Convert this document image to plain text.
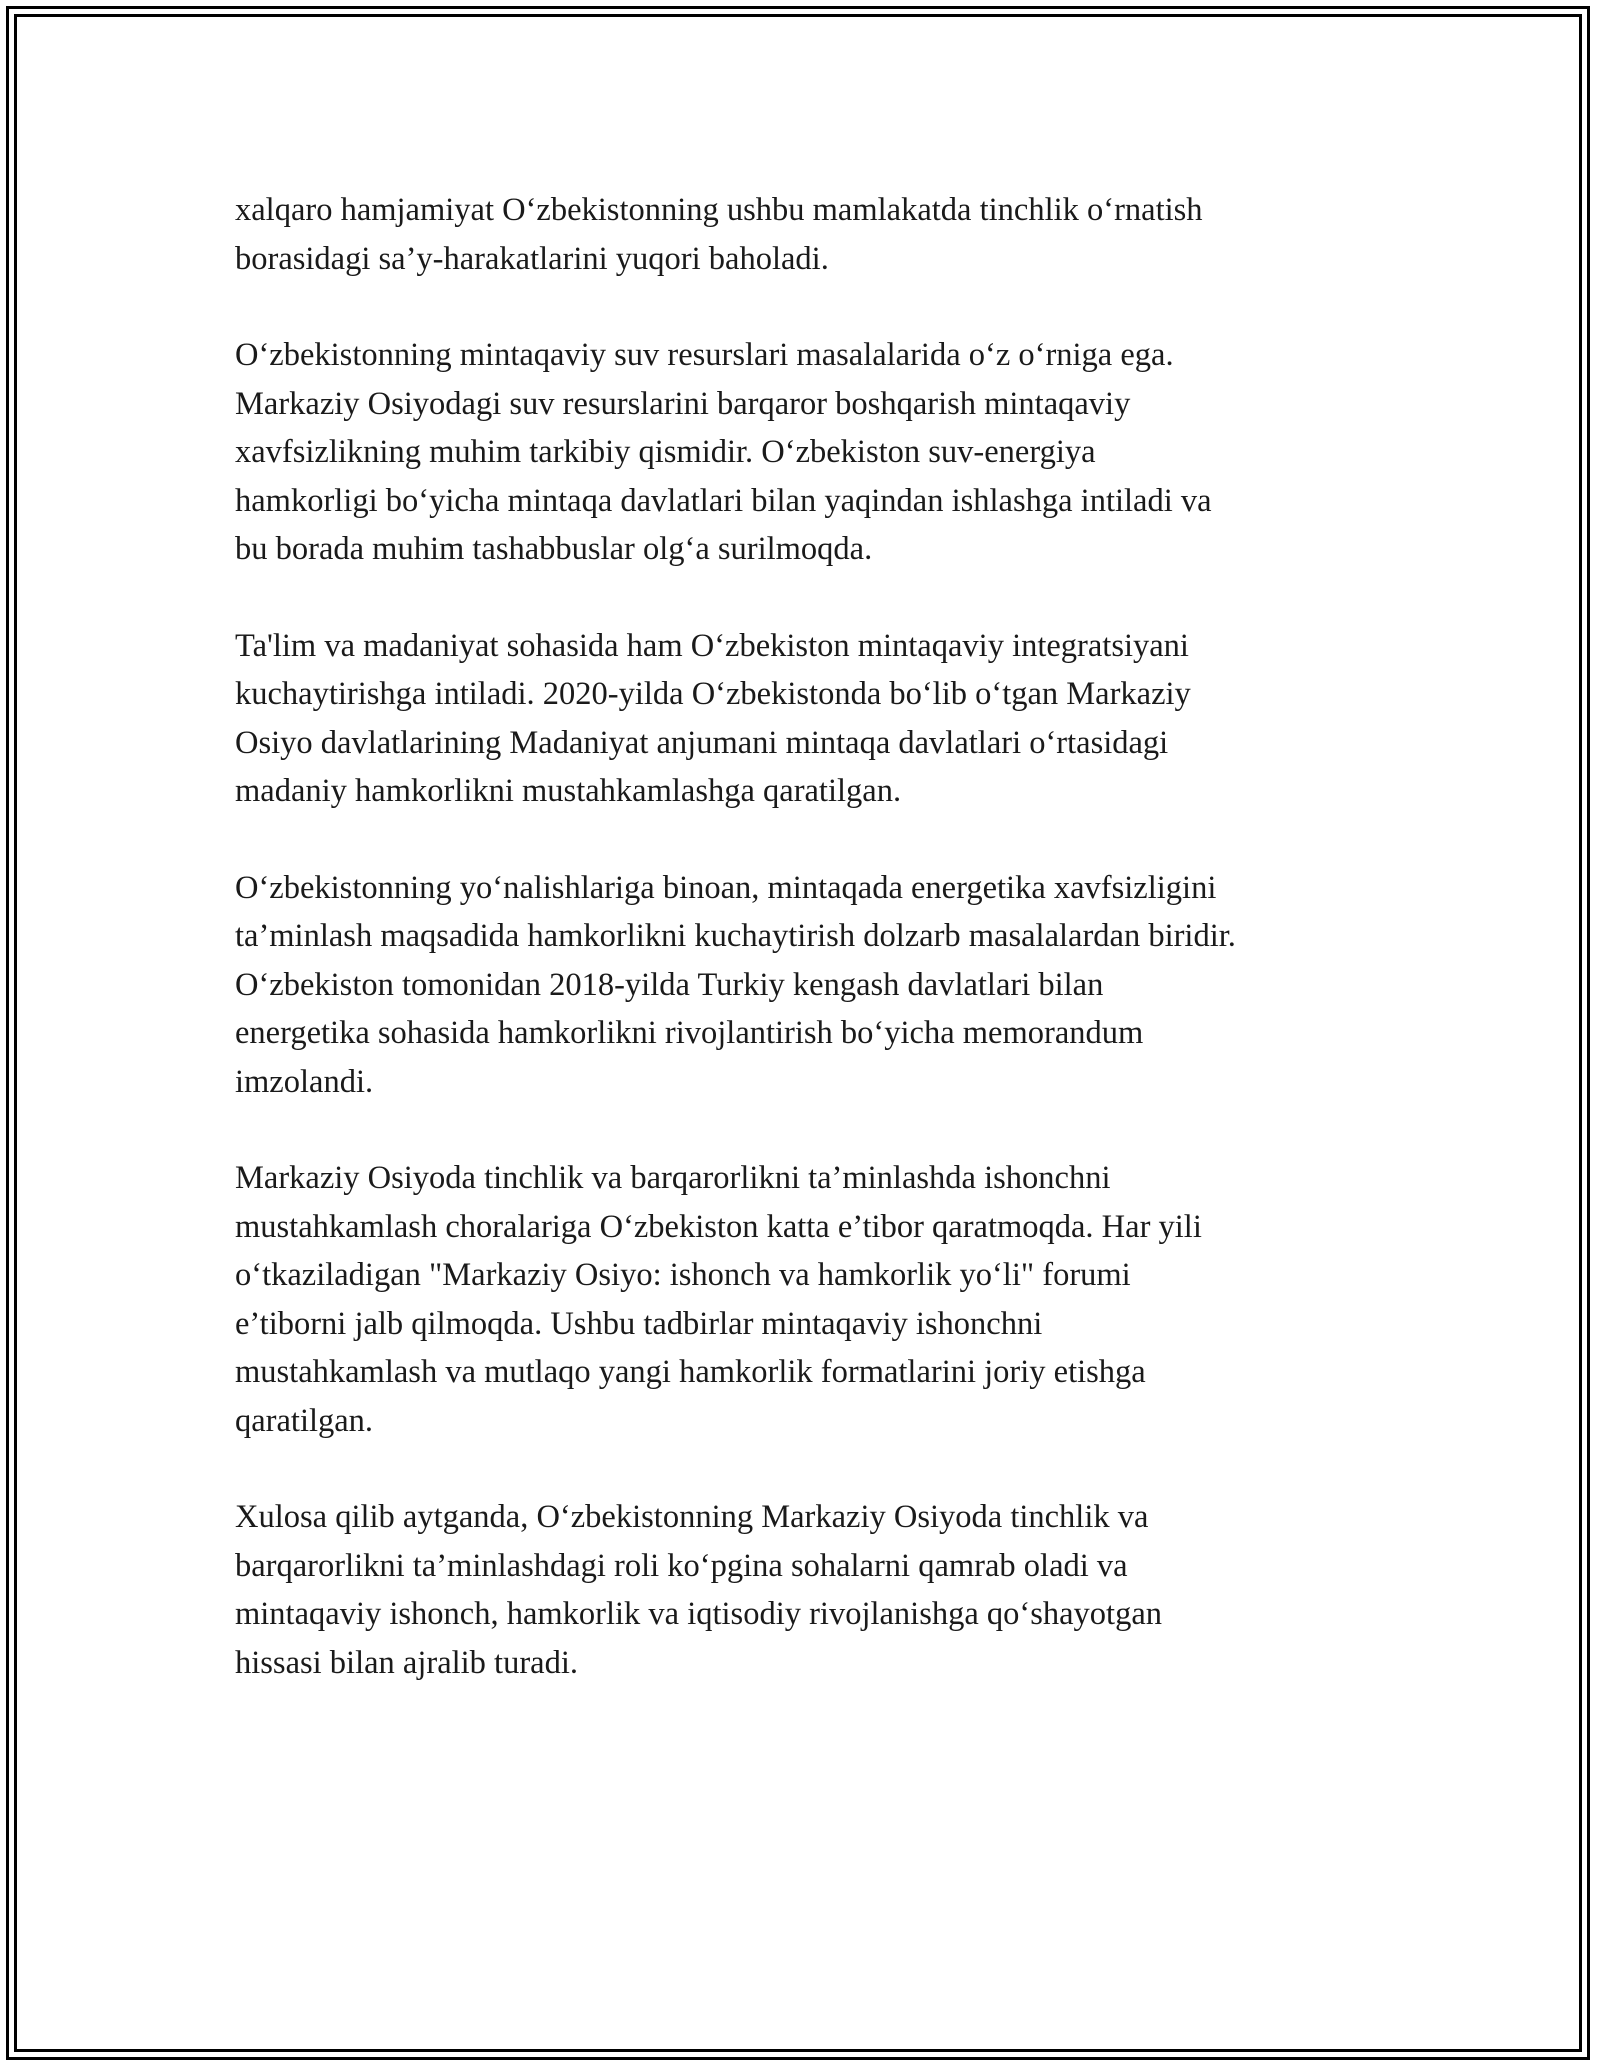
xalqaro hamjamiyat O‘zbekistonning ushbu mamlakatda tinchlik o‘rnatish
borasidagi sa’y-harakatlarini yuqori baholadi.

O‘zbekistonning mintaqaviy suv resurslari masalalarida o‘z o‘rniga ega.
Markaziy Osiyodagi suv resurslarini barqaror boshqarish mintaqaviy
xavfsizlikning muhim tarkibiy qismidir. O‘zbekiston suv-energiya
hamkorligi bo‘yicha mintaqa davlatlari bilan yaqindan ishlashga intiladi va
bu borada muhim tashabbuslar olg‘a surilmoqda.

Ta'lim va madaniyat sohasida ham O‘zbekiston mintaqaviy integratsiyani
kuchaytirishga intiladi. 2020-yilda O‘zbekistonda bo‘lib o‘tgan Markaziy
Osiyo davlatlarining Madaniyat anjumani mintaqa davlatlari o‘rtasidagi
madaniy hamkorlikni mustahkamlashga qaratilgan.

O‘zbekistonning yo‘nalishlariga binoan, mintaqada energetika xavfsizligini
ta’minlash maqsadida hamkorlikni kuchaytirish dolzarb masalalardan biridir.
O‘zbekiston tomonidan 2018-yilda Turkiy kengash davlatlari bilan
energetika sohasida hamkorlikni rivojlantirish bo‘yicha memorandum
imzolandi.

Markaziy Osiyoda tinchlik va barqarorlikni ta’minlashda ishonchni
mustahkamlash choralariga O‘zbekiston katta e’tibor qaratmoqda. Har yili
o‘tkaziladigan "Markaziy Osiyo: ishonch va hamkorlik yo‘li" forumi
e’tiborni jalb qilmoqda. Ushbu tadbirlar mintaqaviy ishonchni
mustahkamlash va mutlaqo yangi hamkorlik formatlarini joriy etishga
qaratilgan.

Xulosa qilib aytganda, O‘zbekistonning Markaziy Osiyoda tinchlik va
barqarorlikni ta’minlashdagi roli ko‘pgina sohalarni qamrab oladi va
mintaqaviy ishonch, hamkorlik va iqtisodiy rivojlanishga qo‘shayotgan
hissasi bilan ajralib turadi.
